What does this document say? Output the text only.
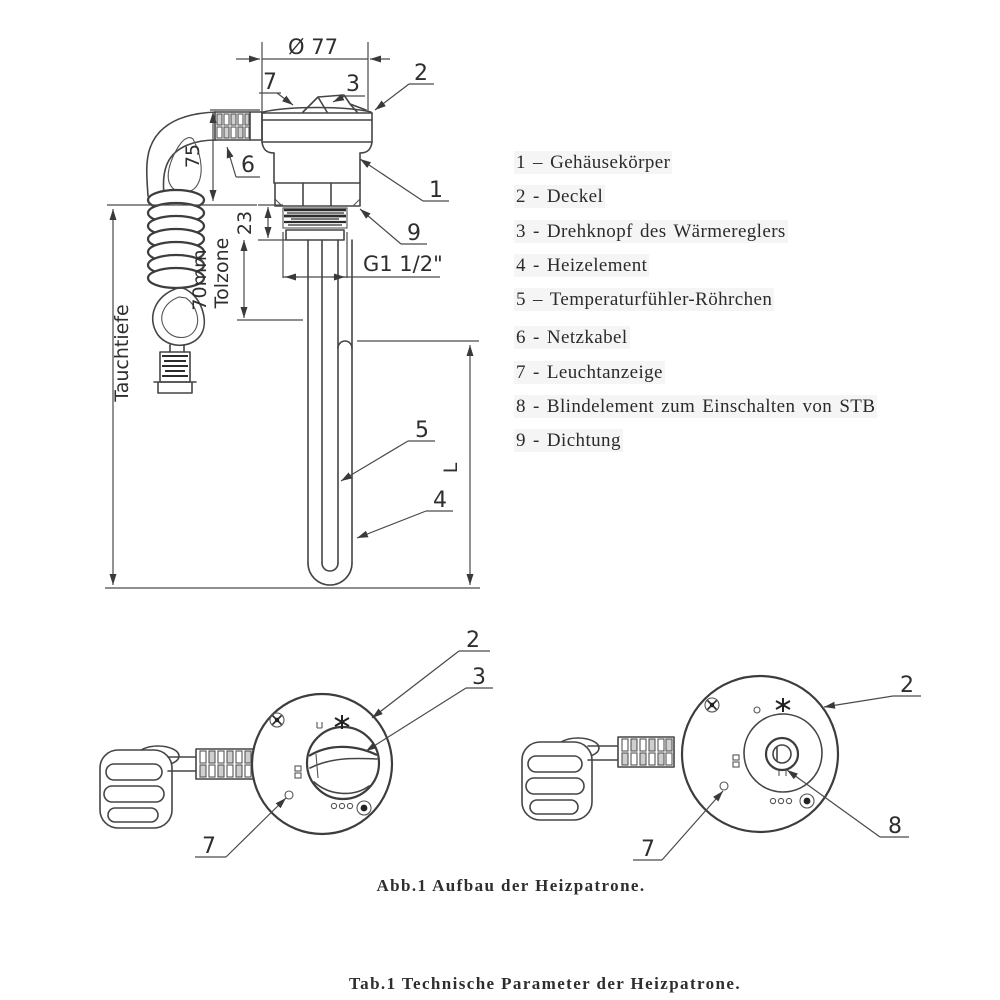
Ø 77
75
23
G1 1/2"
70mm Tolzone
Tauchtiefe
L
7	3 2
6
1
9
5
4
2
3
7
2
8
7
Abb.1 Aufbau der Heizpatrone.
Tab.1 Technische Parameter der Heizpatrone.
1 – Gehäusekörper
2 - Deckel
3 - Drehknopf des Wärmereglers
4 - Heizelement
5 – Temperaturfühler-Röhrchen
6 - Netzkabel
7 - Leuchtanzeige
8 - Blindelement zum Einschalten von STB
9 - Dichtung
